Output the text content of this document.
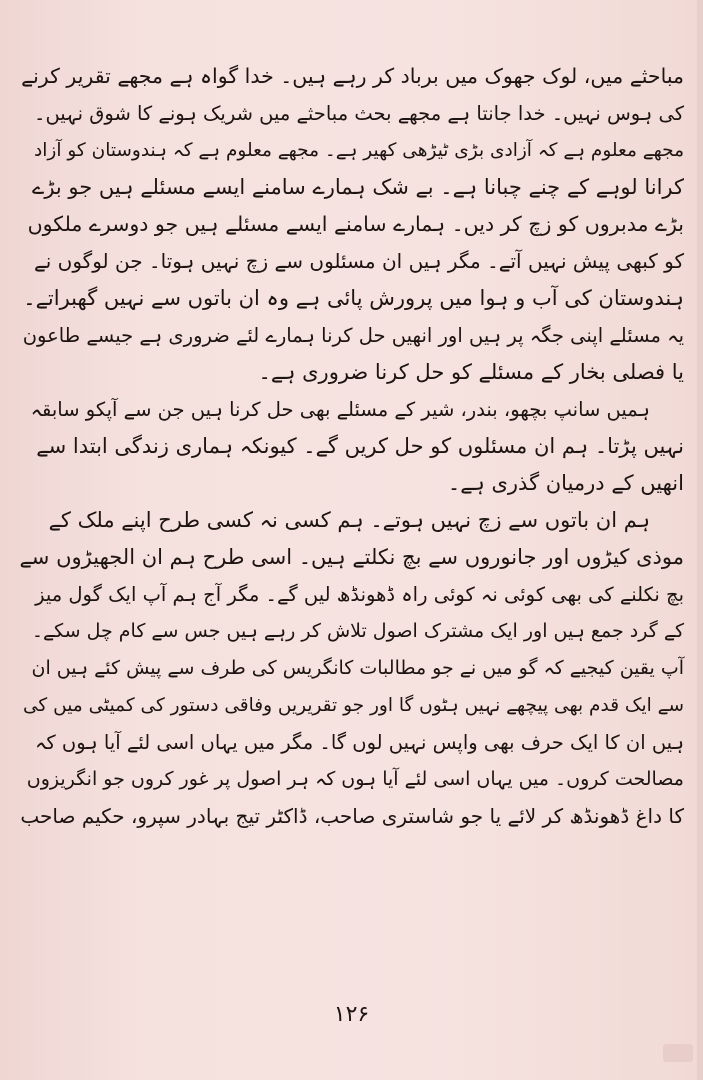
مباحثے میں، لوک جھوک میں برباد کر رہے ہیں۔ خدا گواہ ہے مجھے تقریر کرنے
کی ہوس نہیں۔ خدا جانتا ہے مجھے بحث مباحثے میں شریک ہونے کا شوق نہیں۔
مجھے معلوم ہے کہ آزادی بڑی ٹیڑھی کھیر ہے۔ مجھے معلوم ہے کہ ہندوستان کو آزاد
کرانا لوہے کے چنے چبانا ہے۔ بے شک ہمارے سامنے ایسے مسئلے ہیں جو بڑے
بڑے مدبروں کو زچ کر دیں۔ ہمارے سامنے ایسے مسئلے ہیں جو دوسرے ملکوں
کو کبھی پیش نہیں آتے۔ مگر ہیں ان مسئلوں سے زچ نہیں ہوتا۔ جن لوگوں نے
ہندوستان کی آب و ہوا میں پرورش پائی ہے وہ ان باتوں سے نہیں گھبراتے۔
یہ مسئلے اپنی جگہ پر ہیں اور انھیں حل کرنا ہمارے لئے ضروری ہے جیسے طاعون
یا فصلی بخار کے مسئلے کو حل کرنا ضروری ہے۔
ہمیں سانپ بچھو، بندر، شیر کے مسئلے بھی حل کرنا ہیں جن سے آپکو سابقہ
نہیں پڑتا۔ ہم ان مسئلوں کو حل کریں گے۔ کیونکہ ہماری زندگی ابتدا سے
انھیں کے درمیان گذری ہے۔
ہم ان باتوں سے زچ نہیں ہوتے۔ ہم کسی نہ کسی طرح اپنے ملک کے
موذی کیڑوں اور جانوروں سے بچ نکلتے ہیں۔ اسی طرح ہم ان الجھیڑوں سے
بچ نکلنے کی بھی کوئی نہ کوئی راہ ڈھونڈھ لیں گے۔ مگر آج ہم آپ ایک گول میز
کے گرد جمع ہیں اور ایک مشترک اصول تلاش کر رہے ہیں جس سے کام چل سکے۔
آپ یقین کیجیے کہ گو میں نے جو مطالبات کانگریس کی طرف سے پیش کئے ہیں ان
سے ایک قدم بھی پیچھے نہیں ہٹوں گا اور جو تقریریں وفاقی دستور کی کمیٹی میں کی
ہیں ان کا ایک حرف بھی واپس نہیں لوں گا۔ مگر میں یہاں اسی لئے آیا ہوں کہ
مصالحت کروں۔ میں یہاں اسی لئے آیا ہوں کہ ہر اصول پر غور کروں جو انگریزوں
کا داغ ڈھونڈھ کر لائے یا جو شاستری صاحب، ڈاکٹر تیج بہادر سپرو، حکیم صاحب
۱۲۶
